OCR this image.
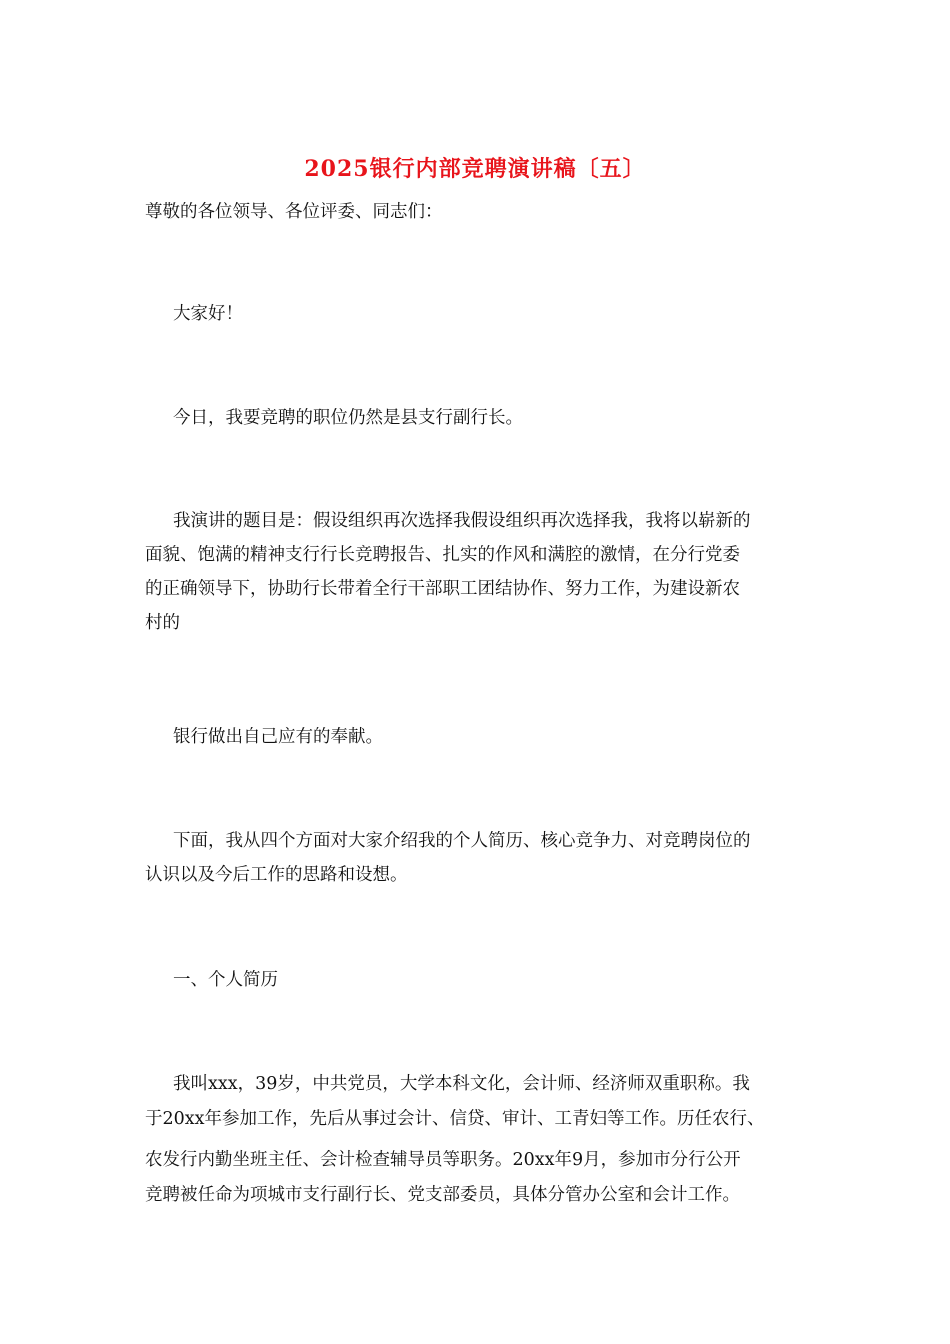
2025银行内部竞聘演讲稿〔五〕
尊敬的各位领导、各位评委、同志们：
大家好！
今日，我要竞聘的职位仍然是县支行副行长。
我演讲的题目是：假设组织再次选择我假设组织再次选择我，我将以崭新的
面貌、饱满的精神支行行长竞聘报告、扎实的作风和满腔的激情，在分行党委
的正确领导下，协助行长带着全行干部职工团结协作、努力工作，为建设新农
村的
银行做出自己应有的奉献。
下面，我从四个方面对大家介绍我的个人简历、核心竞争力、对竞聘岗位的
认识以及今后工作的思路和设想。
一、个人简历
我叫xxx，39岁，中共党员，大学本科文化，会计师、经济师双重职称。我
于20xx年参加工作，先后从事过会计、信贷、审计、工青妇等工作。历任农行、
农发行内勤坐班主任、会计检查辅导员等职务。20xx年9月，参加市分行公开
竞聘被任命为项城市支行副行长、党支部委员，具体分管办公室和会计工作。
